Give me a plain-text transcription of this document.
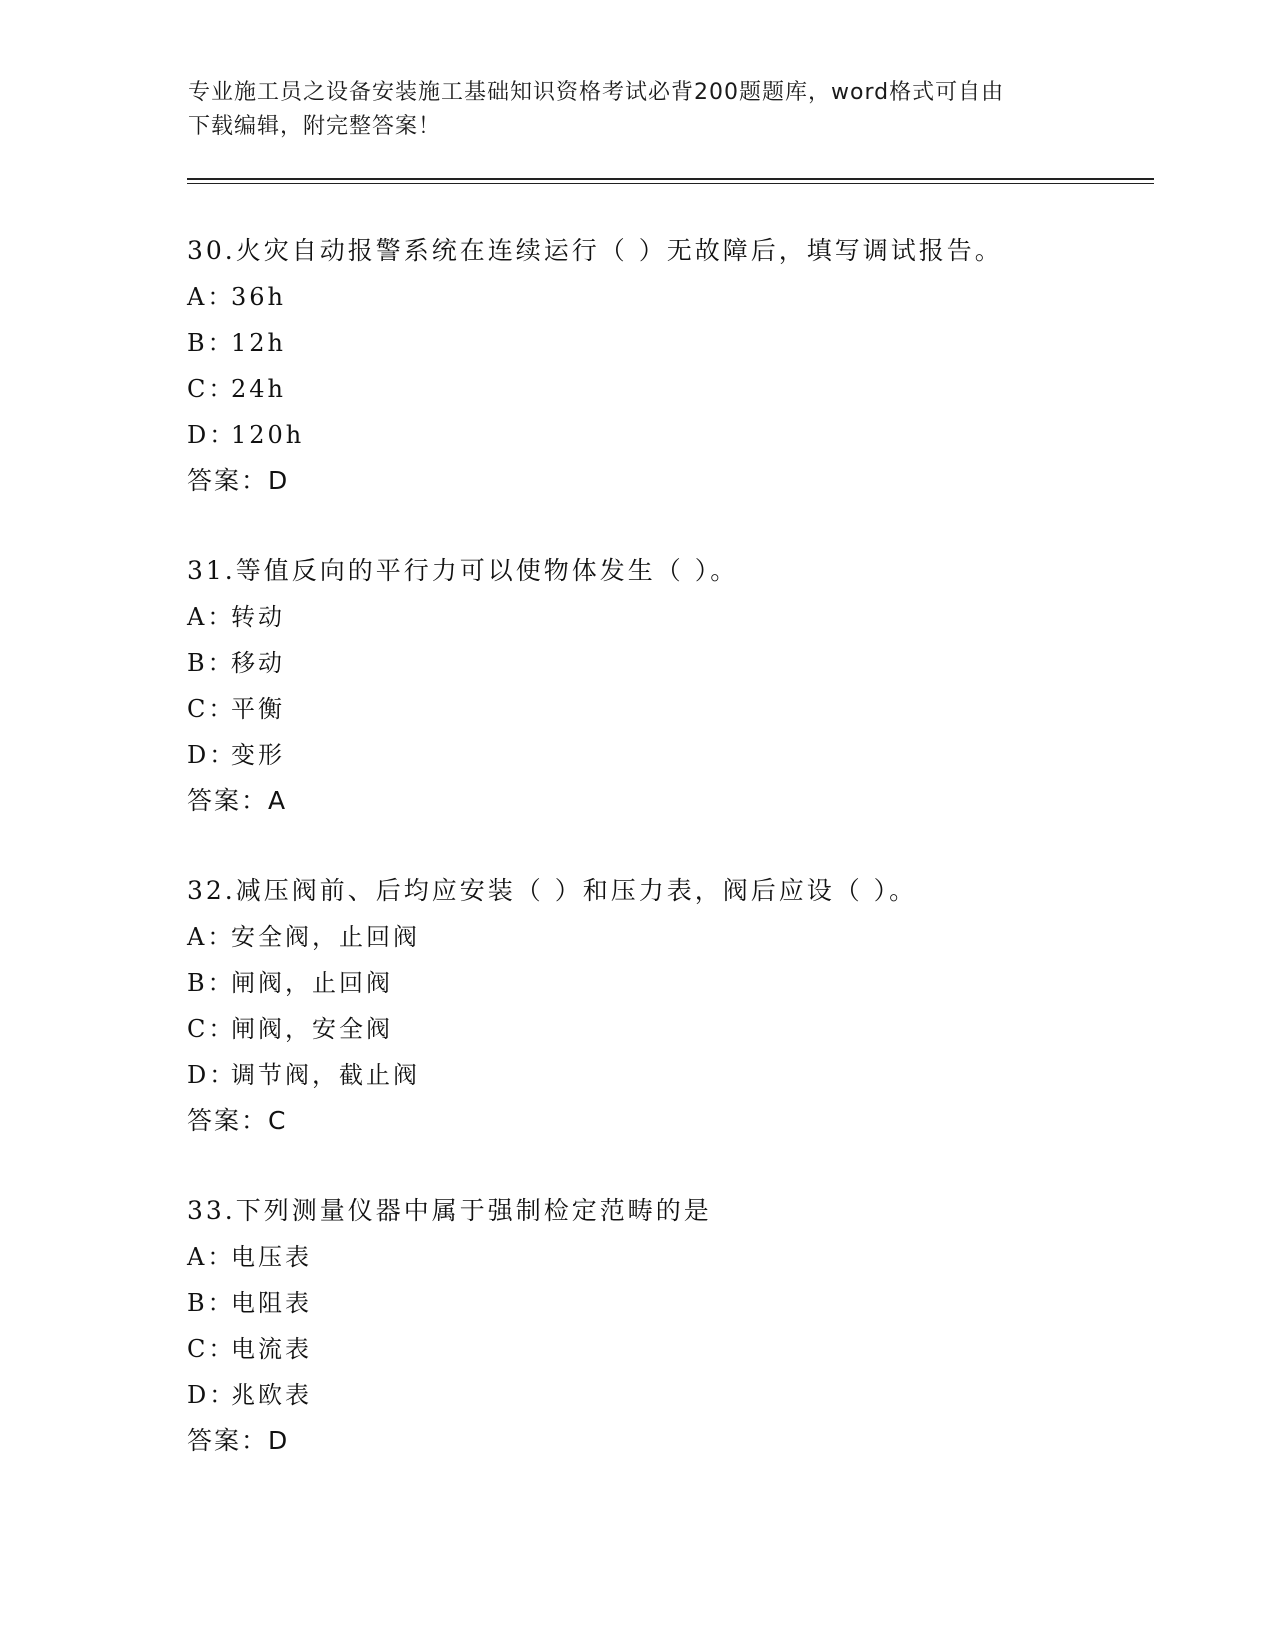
专业施工员之设备安装施工基础知识资格考试必背200题题库，word格式可自由
下载编辑，附完整答案！
30.火灾自动报警系统在连续运行（ ）无故障后，填写调试报告。
A：36h
B：12h
C：24h
D：120h
答案：D
31.等值反向的平行力可以使物体发生（ ）。
A：转动
B：移动
C：平衡
D：变形
答案：A
32.减压阀前、后均应安装（ ）和压力表，阀后应设（ ）。
A：安全阀，止回阀
B：闸阀，止回阀
C：闸阀，安全阀
D：调节阀，截止阀
答案：C
33.下列测量仪器中属于强制检定范畴的是
A：电压表
B：电阻表
C：电流表
D：兆欧表
答案：D
